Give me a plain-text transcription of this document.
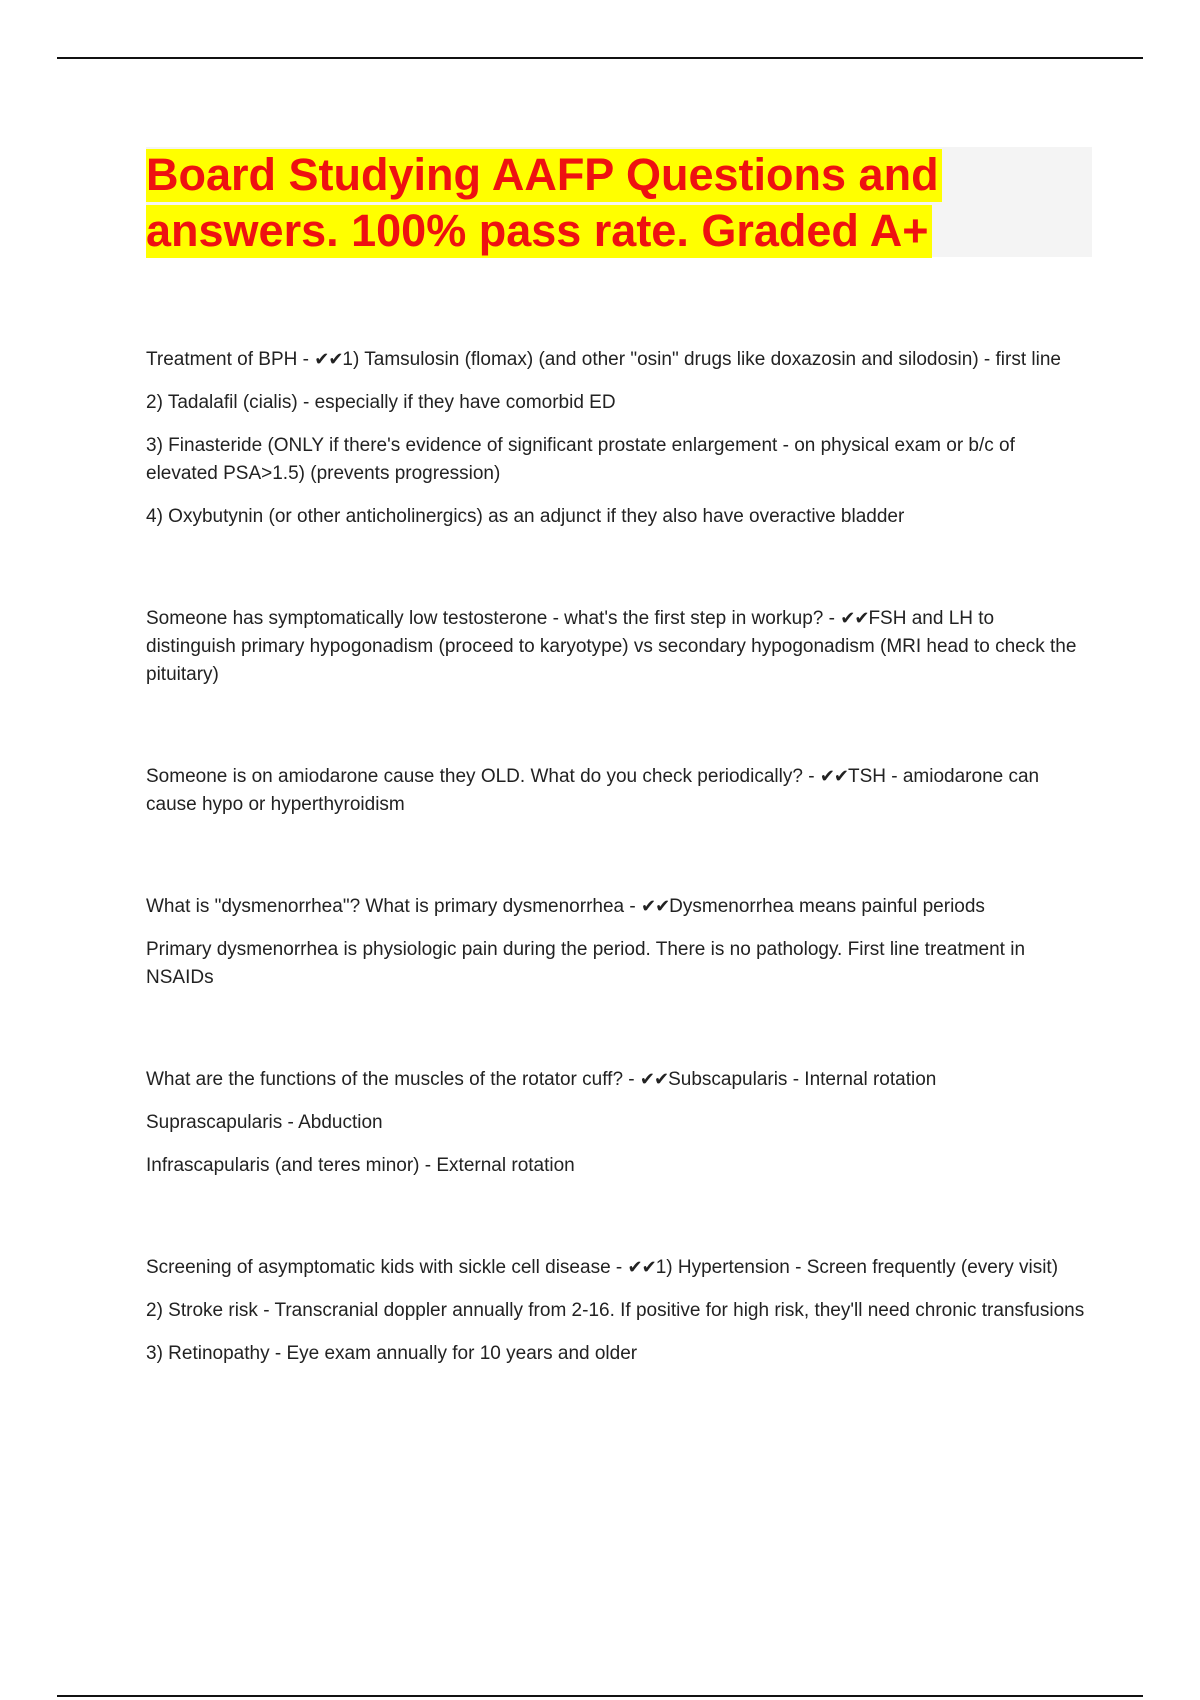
Board Studying AAFP Questions and answers. 100% pass rate. Graded A+

Treatment of BPH - ✔✔1) Tamsulosin (flomax) (and other "osin" drugs like doxazosin and silodosin) - first line

2) Tadalafil (cialis) - especially if they have comorbid ED

3) Finasteride (ONLY if there's evidence of significant prostate enlargement - on physical exam or b/c of elevated PSA>1.5) (prevents progression)

4) Oxybutynin (or other anticholinergics) as an adjunct if they also have overactive bladder

Someone has symptomatically low testosterone - what's the first step in workup? - ✔✔FSH and LH to distinguish primary hypogonadism (proceed to karyotype) vs secondary hypogonadism (MRI head to check the pituitary)

Someone is on amiodarone cause they OLD. What do you check periodically? - ✔✔TSH - amiodarone can cause hypo or hyperthyroidism

What is "dysmenorrhea"? What is primary dysmenorrhea - ✔✔Dysmenorrhea means painful periods

Primary dysmenorrhea is physiologic pain during the period. There is no pathology. First line treatment in NSAIDs

What are the functions of the muscles of the rotator cuff? - ✔✔Subscapularis - Internal rotation

Suprascapularis - Abduction

Infrascapularis (and teres minor) - External rotation

Screening of asymptomatic kids with sickle cell disease - ✔✔1) Hypertension - Screen frequently (every visit)

2) Stroke risk - Transcranial doppler annually from 2-16. If positive for high risk, they'll need chronic transfusions

3) Retinopathy - Eye exam annually for 10 years and older
